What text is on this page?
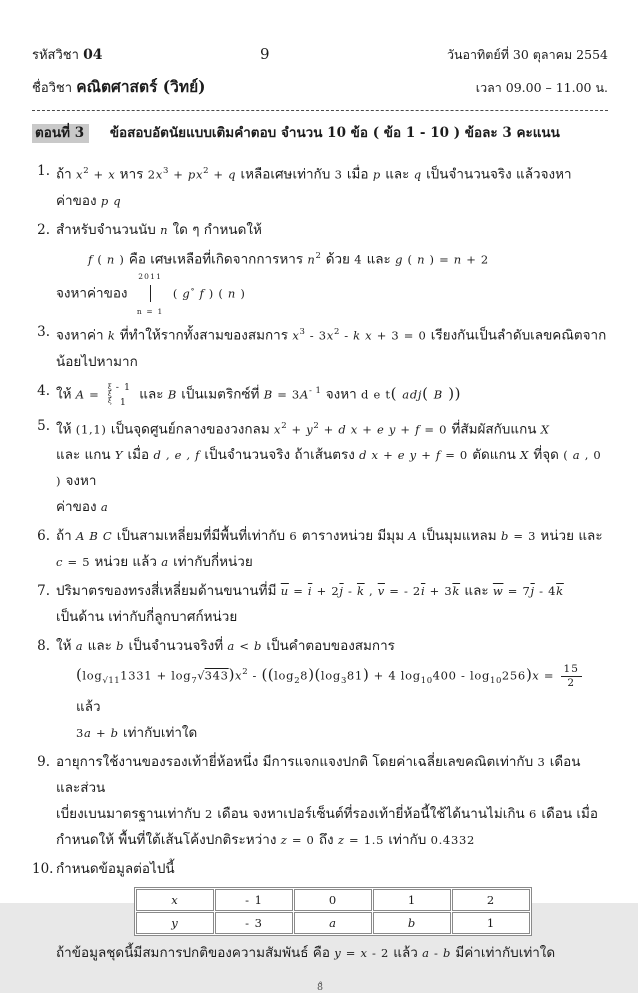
รหัสวิชา 04	9	วันอาทิตย์ที่ 30 ตุลาคม 2554
ชื่อวิชา คณิตศาสตร์ (วิทย์)	เวลา 09.00 – 11.00 น.
ตอนที่ 3 ข้อสอบอัตนัยแบบเติมคำตอบ จำนวน 10 ข้อ ( ข้อ 1 - 10 ) ข้อละ 3 คะแนน
1. ถ้า $x^2 + x$ หาร $2x^3 + px^2 + q$ เหลือเศษเท่ากับ 3 เมื่อ p และ q เป็นจำนวนจริง แล้วจงหา
ค่าของ p q
2. สำหรับจำนวนนับ n ใด ๆ กำหนดให้
f ( n ) คือ เศษเหลือที่เกิดจากการหาร $n^2$ ด้วย 4 และ g ( n ) = n + 2
จงหาค่าของ
2011
n = 1
( g∘ f ) ( n )
3. จงหาค่า k ที่ทำให้รากทั้งสามของสมการ $x^3 - 3x^2$ - k x + 3 = 0 เรียงกันเป็นลำดับเลขคณิตจาก
น้อยไปหามาก
4. ให้ A = ξ
ξ
ξ
- 1
1 และ B เป็นเมตริกซ์ที่ $B = 3A^{- 1}$ จงหา d e t( adj( B ))
5. ให้ (1,1) เป็นจุดศูนย์กลางของวงกลม $x^2 + y^2 + d$ x + e y + f = 0 ที่สัมผัสกับแกน X
และ แกน Y เมื่อ d , e , f เป็นจำนวนจริง ถ้าเส้นตรง d x + e y + f = 0 ตัดแกน X ที่จุด ( a , 0 ) จงหา
ค่าของ a
6. ถ้า A B C เป็นสามเหลี่ยมที่มีพื้นที่เท่ากับ 6 ตารางหน่วย มีมุม A เป็นมุมแหลม b = 3 หน่วย และ
c = 5 หน่วย แล้ว a เท่ากับกี่หน่วย
7. ปริมาตรของทรงสี่เหลี่ยมด้านขนานที่มี $\overline{u} = \overline{i} + 2\overline{j} - \overline{k}$ , $\overline{v}$ = - $2\overline{i} + 3\overline{k}$ และ $\overline{w} = 7\overline{j} - 4\overline{k}$
เป็นด้าน เท่ากับกี่ลูกบาศก์หน่วย
8. ให้ a และ b เป็นจำนวนจริงที่ a < b เป็นคำตอบของสมการ
$(\log_{√11}1331 + \log_7√343)x^2 - ((\log_28)(\log_381) + 4$ $\log_{10}400 - \log_{10}256)x = \frac{15}{2}$
แล้ว
3a + b เท่ากับเท่าใด
9. อายุการใช้งานของรองเท้ายี่ห้อหนึ่ง มีการแจกแจงปกติ โดยค่าเฉลี่ยเลขคณิตเท่ากับ 3 เดือน และส่วน
เบี่ยงเบนมาตรฐานเท่ากับ 2 เดือน จงหาเปอร์เซ็นต์ที่รองเท้ายี่ห้อนี้ใช้ได้นานไม่เกิน 6 เดือน เมื่อ
กำหนดให้ พื้นที่ใต้เส้นโค้งปกติระหว่าง z = 0 ถึง z = 1.5 เท่ากับ 0.4332
10. กำหนดข้อมูลต่อไปนี้
x	- 1	0	1	2
y	- 3	a	b	1
ถ้าข้อมูลชุดนี้มีสมการปกติของความสัมพันธ์ คือ y = x - 2 แล้ว a - b มีค่าเท่ากับเท่าใด
8̊
